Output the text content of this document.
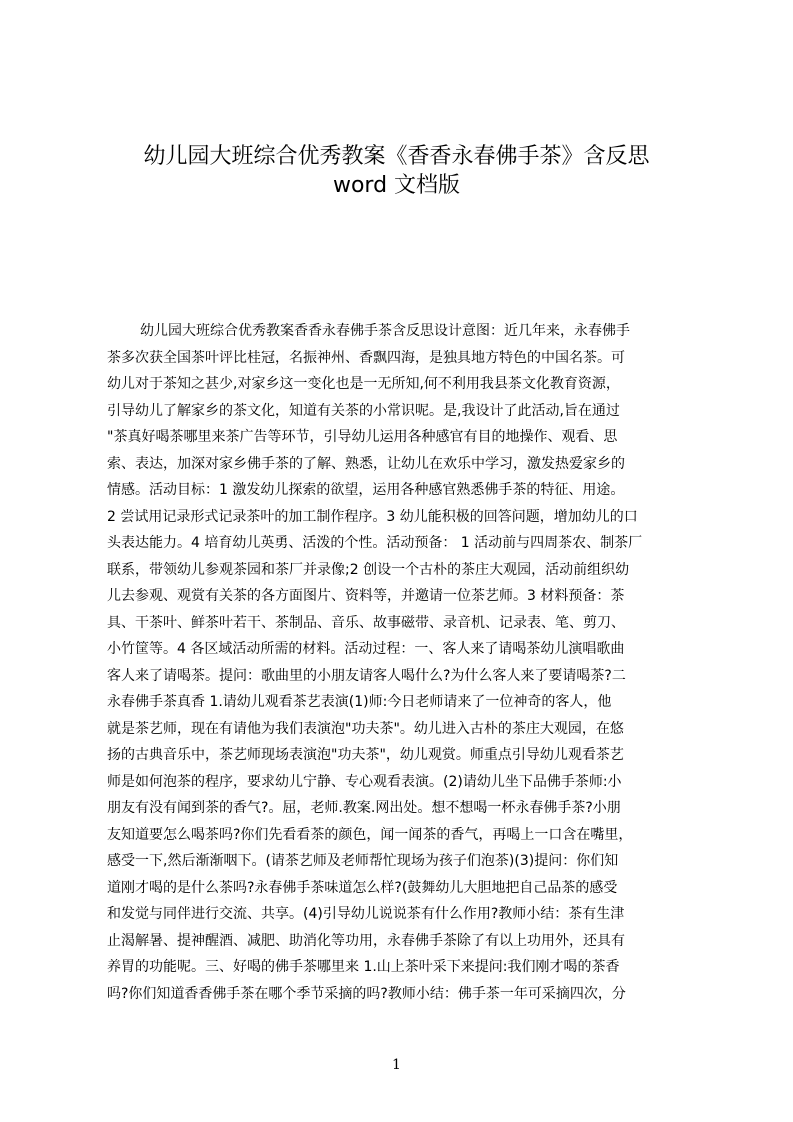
幼儿园大班综合优秀教案《香香永春佛手茶》含反思
word 文档版
幼儿园大班综合优秀教案香香永春佛手茶含反思设计意图：近几年来，永春佛手
茶多次获全国茶叶评比桂冠，名振神州、香飘四海，是独具地方特色的中国名茶。可
幼儿对于茶知之甚少,对家乡这一变化也是一无所知,何不利用我县茶文化教育资源，
引导幼儿了解家乡的茶文化，知道有关茶的小常识呢。是,我设计了此活动,旨在通过
"茶真好喝茶哪里来茶广告等环节，引导幼儿运用各种感官有目的地操作、观看、思
索、表达，加深对家乡佛手茶的了解、熟悉，让幼儿在欢乐中学习，激发热爱家乡的
情感。活动目标：1 激发幼儿探索的欲望，运用各种感官熟悉佛手茶的特征、用途。
2 尝试用记录形式记录茶叶的加工制作程序。3 幼儿能积极的回答问题，增加幼儿的口
头表达能力。4 培育幼儿英勇、活泼的个性。活动预备： 1 活动前与四周茶农、制茶厂
联系，带领幼儿参观茶园和茶厂并录像;2 创设一个古朴的茶庄大观园，活动前组织幼
儿去参观、观赏有关茶的各方面图片、资料等，并邀请一位茶艺师。3 材料预备：茶
具、干茶叶、鲜茶叶若干、茶制品、音乐、故事磁带、录音机、记录表、笔、剪刀、
小竹筐等。4 各区域活动所需的材料。活动过程：一、客人来了请喝茶幼儿演唱歌曲
客人来了请喝茶。提问：歌曲里的小朋友请客人喝什么?为什么客人来了要请喝茶?二
永春佛手茶真香 1.请幼儿观看茶艺表演(1)师:今日老师请来了一位神奇的客人，他
就是茶艺师，现在有请他为我们表演泡"功夫茶"。幼儿进入古朴的茶庄大观园，在悠
扬的古典音乐中，茶艺师现场表演泡"功夫茶"，幼儿观赏。师重点引导幼儿观看茶艺
师是如何泡茶的程序，要求幼儿宁静、专心观看表演。(2)请幼儿坐下品佛手茶师:小
朋友有没有闻到茶的香气?。屈，老师.教案.网出处。想不想喝一杯永春佛手茶?小朋
友知道要怎么喝茶吗?你们先看看茶的颜色，闻一闻茶的香气，再喝上一口含在嘴里，
感受一下,然后渐渐咽下。(请茶艺师及老师帮忙现场为孩子们泡茶)(3)提问：你们知
道刚才喝的是什么茶吗?永春佛手茶味道怎么样?(鼓舞幼儿大胆地把自己品茶的感受
和发觉与同伴进行交流、共享。(4)引导幼儿说说茶有什么作用?教师小结：茶有生津
止渴解暑、提神醒酒、减肥、助消化等功用，永春佛手茶除了有以上功用外，还具有
养胃的功能呢。三、好喝的佛手茶哪里来 1.山上茶叶采下来提问:我们刚才喝的茶香
吗?你们知道香香佛手茶在哪个季节采摘的吗?教师小结：佛手茶一年可采摘四次，分
1
